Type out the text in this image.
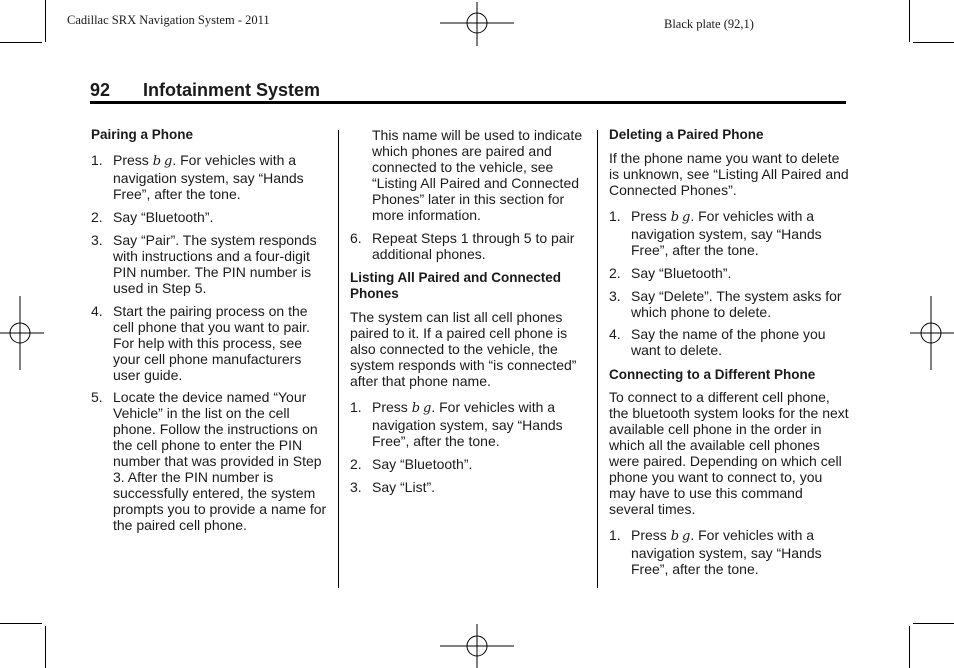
Cadillac SRX Navigation System - 2011	Black plate (92,1)
92 Infotainment System
Pairing a Phone
1. Press b g. For vehicles with a navigation system, say “Hands Free”, after the tone.
2. Say “Bluetooth”.
3. Say “Pair”. The system responds with instructions and a four-digit PIN number. The PIN number is used in Step 5.
4. Start the pairing process on the cell phone that you want to pair. For help with this process, see your cell phone manufacturers user guide.
5. Locate the device named “Your Vehicle” in the list on the cell phone. Follow the instructions on the cell phone to enter the PIN number that was provided in Step 3. After the PIN number is successfully entered, the system prompts you to provide a name for the paired cell phone.
This name will be used to indicate which phones are paired and connected to the vehicle, see “Listing All Paired and Connected Phones” later in this section for more information.
6. Repeat Steps 1 through 5 to pair additional phones.
Listing All Paired and Connected Phones
The system can list all cell phones paired to it. If a paired cell phone is also connected to the vehicle, the system responds with “is connected” after that phone name.
1. Press b g. For vehicles with a navigation system, say “Hands Free”, after the tone.
2. Say “Bluetooth”.
3. Say “List”.
Deleting a Paired Phone
If the phone name you want to delete is unknown, see “Listing All Paired and Connected Phones”.
1. Press b g. For vehicles with a navigation system, say “Hands Free”, after the tone.
2. Say “Bluetooth”.
3. Say “Delete”. The system asks for which phone to delete.
4. Say the name of the phone you want to delete.
Connecting to a Different Phone
To connect to a different cell phone, the bluetooth system looks for the next available cell phone in the order in which all the available cell phones were paired. Depending on which cell phone you want to connect to, you may have to use this command several times.
1. Press b g. For vehicles with a navigation system, say “Hands Free”, after the tone.
